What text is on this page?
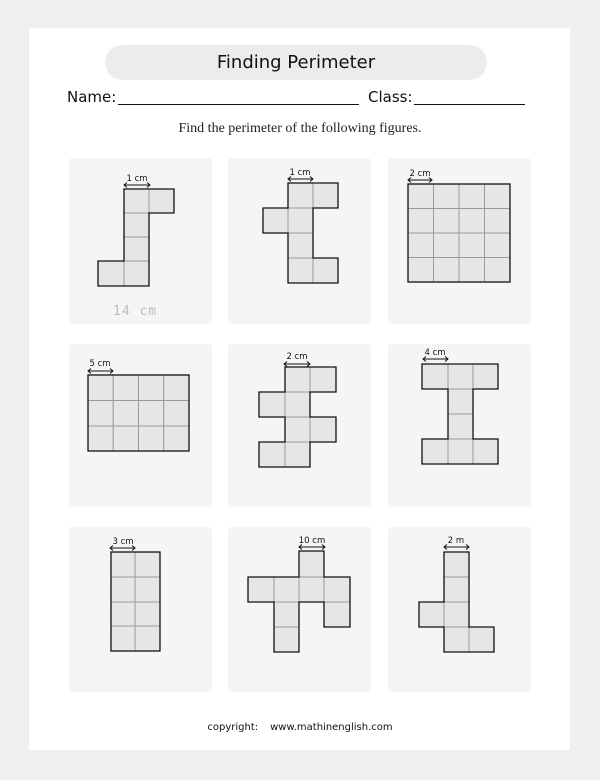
Finding Perimeter
Name:	Class:
Find the perimeter of the following figures.
1 cm
14 cm
1 cm	2 cm
5 cm
2 cm	4 cm
3 cm	10 cm	2 m
copyright: www.mathinenglish.com
